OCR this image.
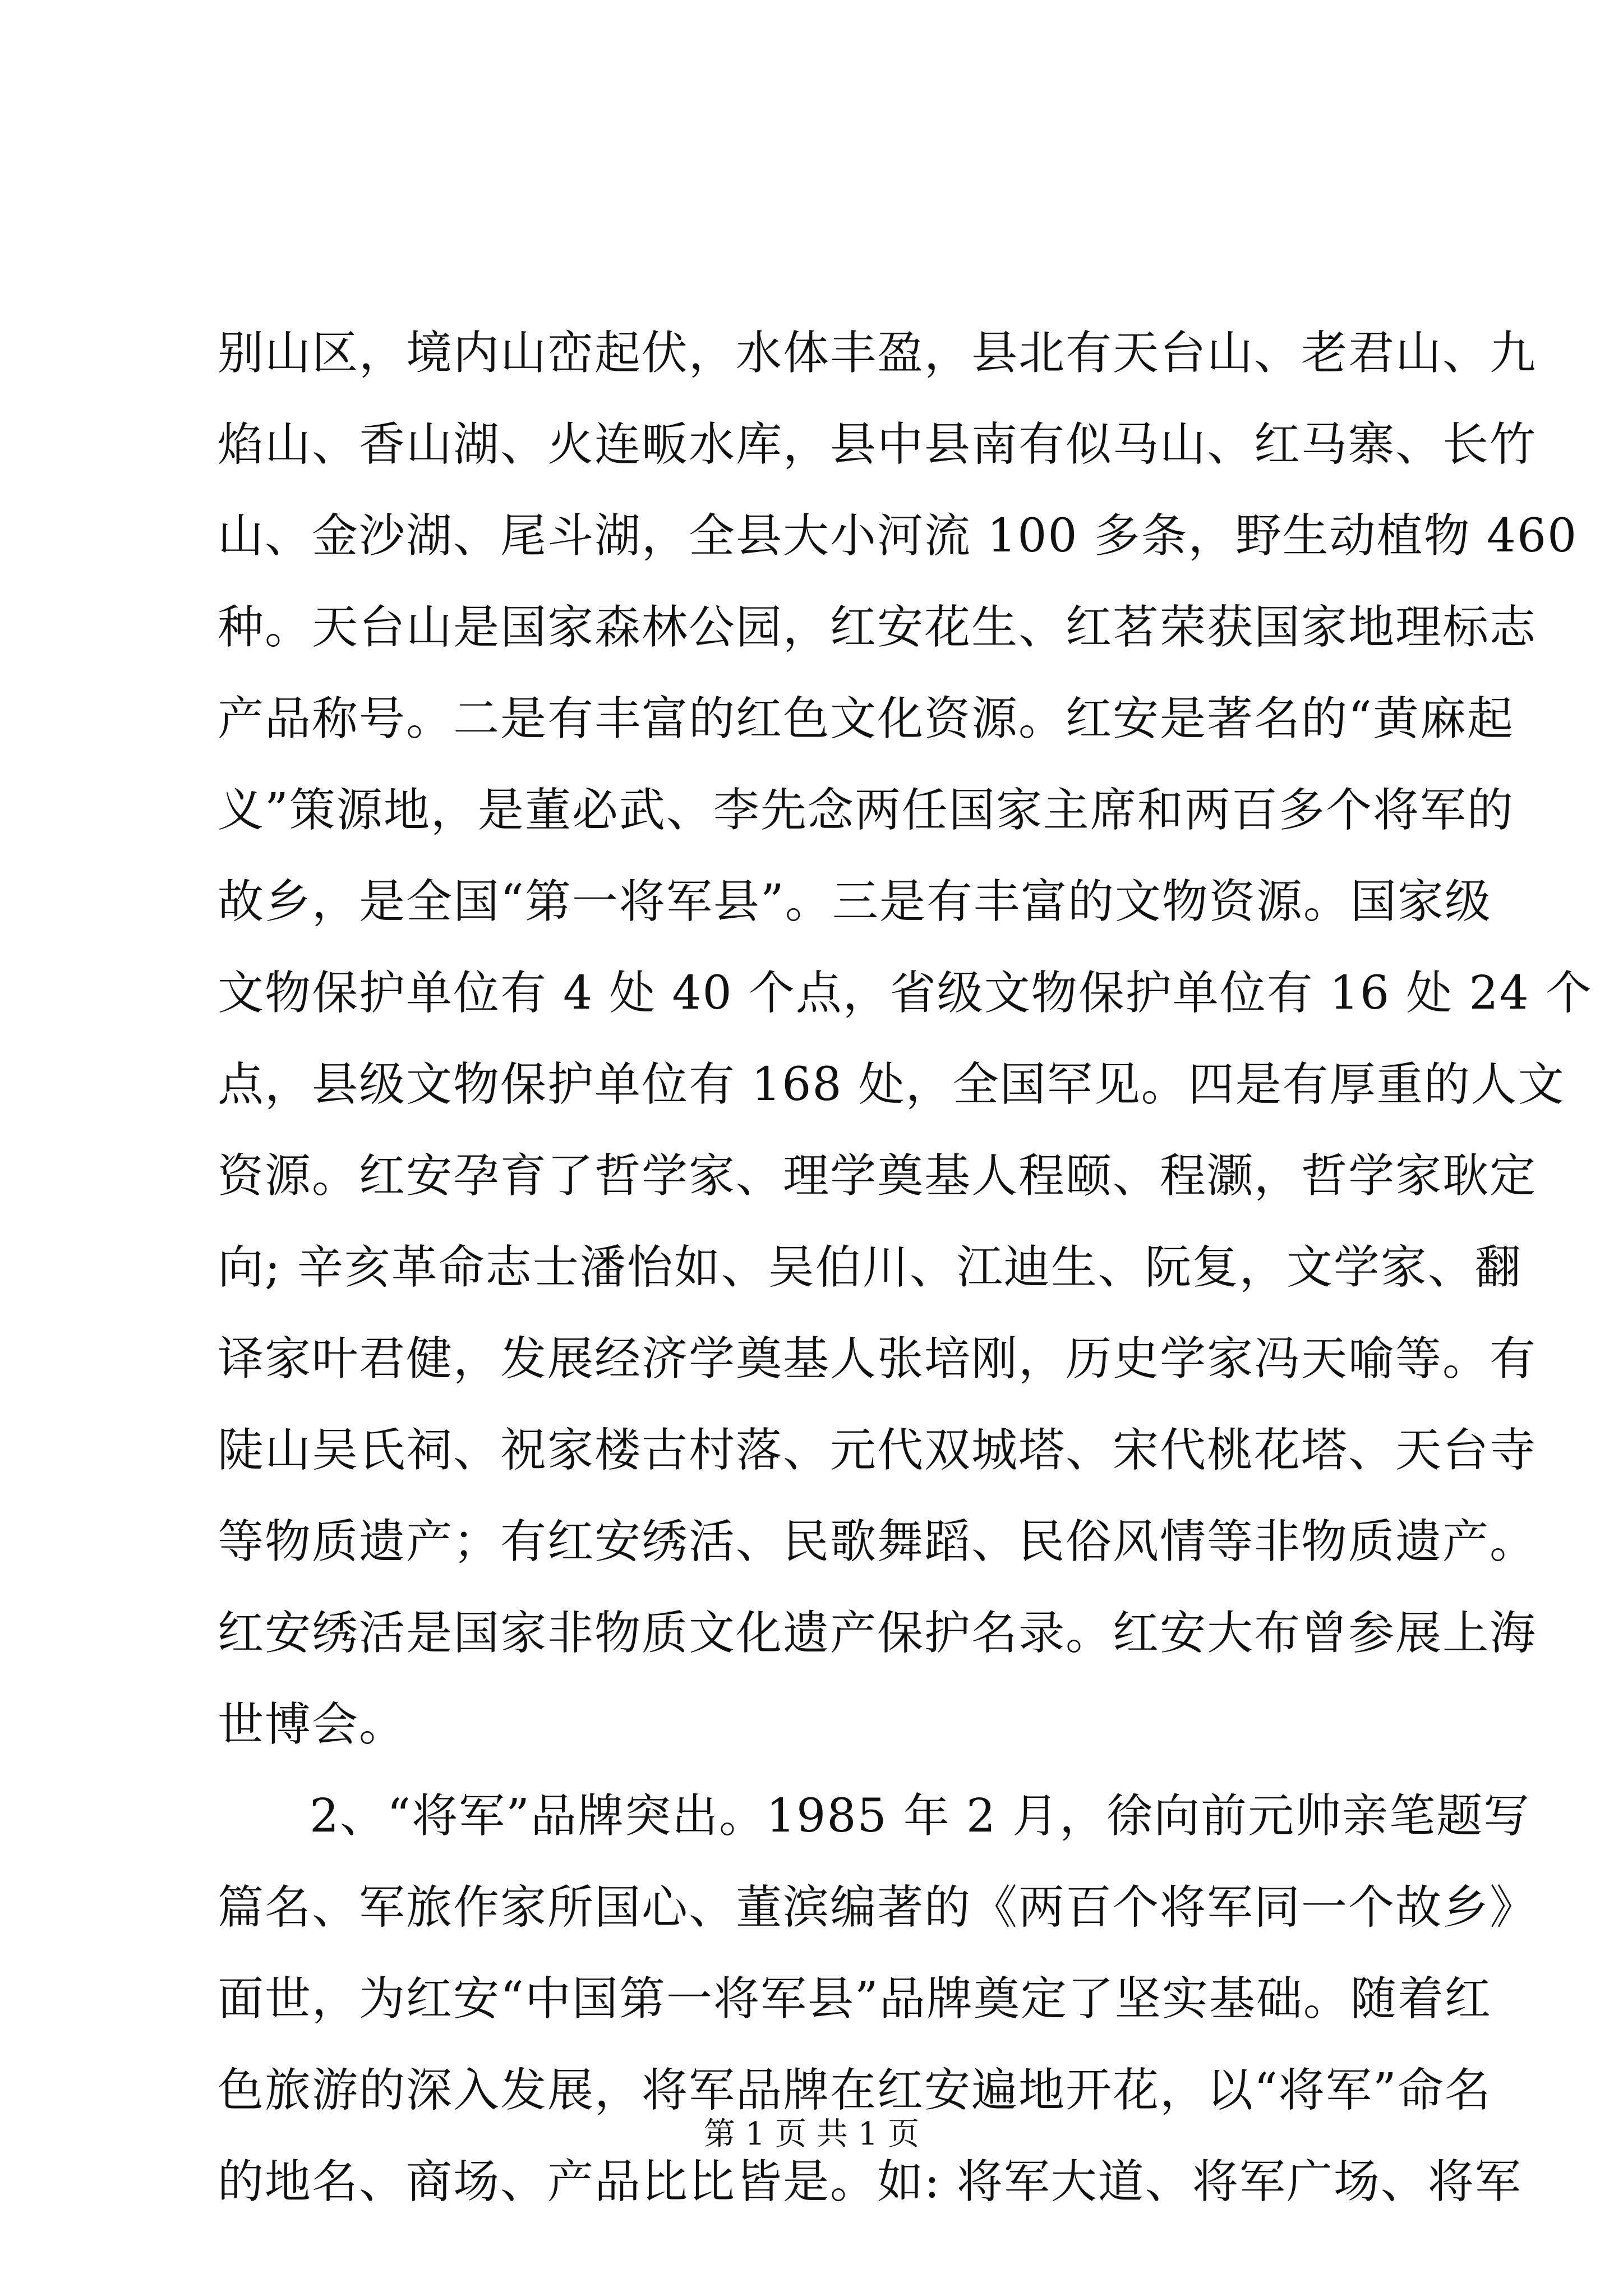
别山区，境内山峦起伏，水体丰盈，县北有天台山、老君山、九
焰山、香山湖、火连畈水库，县中县南有似马山、红马寨、长竹
山、金沙湖、尾斗湖，全县大小河流 100 多条，野生动植物 460
种。天台山是国家森林公园，红安花生、红茗荣获国家地理标志
产品称号。二是有丰富的红色文化资源。红安是著名的“黄麻起
义”策源地，是董必武、李先念两任国家主席和两百多个将军的
故乡，是全国“第一将军县”。三是有丰富的文物资源。国家级
文物保护单位有 4 处 40 个点，省级文物保护单位有 16 处 24 个
点，县级文物保护单位有 168 处，全国罕见。四是有厚重的人文
资源。红安孕育了哲学家、理学奠基人程颐、程灏，哲学家耿定
向; 辛亥革命志士潘怡如、吴伯川、江迪生、阮复，文学家、翻
译家叶君健，发展经济学奠基人张培刚，历史学家冯天喻等。有
陡山吴氏祠、祝家楼古村落、元代双城塔、宋代桃花塔、天台寺
等物质遗产；有红安绣活、民歌舞蹈、民俗风情等非物质遗产。
红安绣活是国家非物质文化遗产保护名录。红安大布曾参展上海
世博会。
2、“将军”品牌突出。1985 年 2 月，徐向前元帅亲笔题写
篇名、军旅作家所国心、董滨编著的《两百个将军同一个故乡》
面世，为红安“中国第一将军县”品牌奠定了坚实基础。随着红
色旅游的深入发展，将军品牌在红安遍地开花，以“将军”命名
的地名、商场、产品比比皆是。如: 将军大道、将军广场、将军
第 1 页 共 1 页
